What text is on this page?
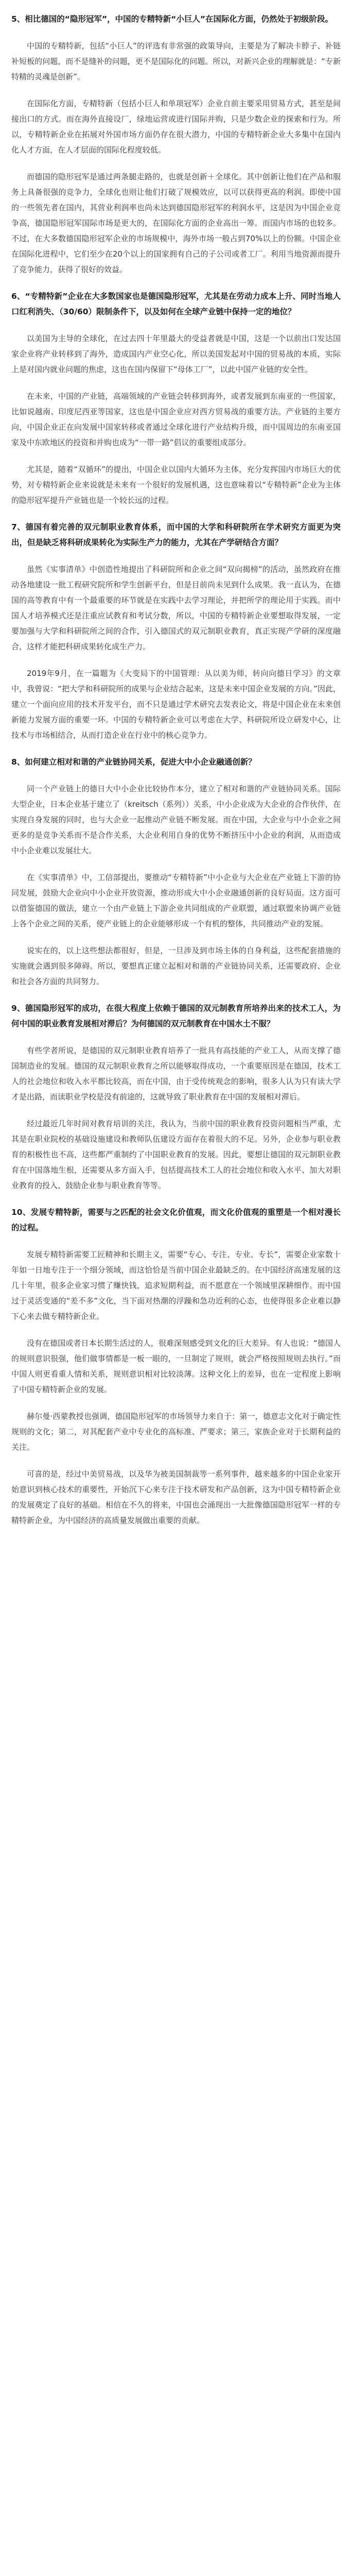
5、相比德国的“隐形冠军”，中国的专精特新“小巨人”在国际化方面，仍然处于初级阶段。

中国的专精特新，包括“小巨人”的评选有非常强的政策导向，主要是为了解决卡脖子、补链补短板的问题，而不是缝补的问题，更不是国际化的问题。所以，对新兴企业的理解就是：“专新特精的灵魂是创新”。

在国际化方面，专精特新（包括小巨人和单项冠军）企业自前主要采用贸易方式，甚至是间接出口的方式。而在海外直接设厂，绿地运营或进行国际并购，只是少数企业的探索和行为。所以，专精特新企业在拓展对外国市场方面仍存在很大潜力，中国的专精特新企业大多集中在国内化人才方面，在人才层面的国际化程度较低。

而德国的隐形冠军是通过两条腿走路的，也就是创新＋全球化。其中创新让他们在产品和服务上具备很强的竞争力，全球化也则让他们打破了规模效应，以可以获得更高的利润。即使中国的一些领先者在国内，其营业利润率也尚未达到德国隐形冠军的利润水平，这是因为中国企业竞争高，德国隐形冠军国际市场是更大的，在国际化方面的企业高出一筹。而国内市场的也较多。不过，在大多数德国隐形冠军企业的市场规模中，海外市场一般占到70%以上的份额。中国企业在国际化进程中，它们至少在20个以上的国家拥有自己的子公司或者工厂。利用当地资源而提升了竞争能力，获得了很好的效益。

6、“专精特新”企业在大多数国家也是德国隐形冠军，尤其是在劳动力成本上升、同时当地人口红利消失、（30/60）限制条件下，以及如何在全球产业链中保持一定的地位？

以美国为主导的全球化，在过去四十年里最大的受益者就是中国，这是一个以前出口发达国家企业将产业转移到了海外，造成国内产业空心化，所以美国发起对中国的贸易战的本质，实际上是对国内就业问题的焦虑，这也在国内保留下“母体工厂”，以此中国产业链的安全性。

在未来，中国的产业链，高端领域的产业链会转移到海外，或者发展到东南亚的一些国家，比如说越南、印度尼西亚等国家，这也是中国企业应对西方贸易战的重要方法。产业链的主要方向，中国企业正在向发展中国家转移或者通过全球化进行产业结构升级，而中国周边的东南亚国家及中东欧地区的投资和并购也成为“一带一路”倡议的重要组成部分。

尤其是，随着“双循环”的提出，中国企业以国内大循环为主体，充分发挥国内市场巨大的优势，对专精特新企业来说就是未来有一个很好的发展机遇，这也意味着以“专精特新”企业为主体的隐形冠军提升产业链也是一个较长远的过程。

7、德国有着完善的双元制职业教育体系，而中国的大学和科研院所在学术研究方面更为突出，但是缺乏将科研成果转化为实际生产力的能力，尤其在产学研结合方面？

虽然《实事清单》中创造性地提出了科研院所和企业之间“双向揭榜”的活动，虽然政府在推动各地建设一批工程研究院所和学生创新平台，但是目前尚未见到什么成果。我一直认为，在德国的高等教育中有一个最重要的环节就是在实践中去学习理论，并把所学的理论用于实践。而中国人才培养模式还是注重应试教育和考试分数，所以，中国的专精特新企业要想取得发展，一定要加强与大学和科研院所之间的合作，引入德国式的双元制职业教育，真正实现产学研的深度融合，这样才能把科研成果转化成生产力。

2019年9月，在一篇题为《大变局下的中国管理：从以美为师，转向向德日学习》的文章中，我曾说：“把大学和科研院所的成果与企业结合起来，这是未来中国企业发展的方向。”因此，建立一个面向应用的技术开发平台，而不只是通过学术研究去发表论文，将是中国企业在未来创新能力发展方面的重要一环。中国的专精特新企业可以考虑在大学、科研院所设立研发中心，让技术与市场相结合，从而打造企业在行业中的核心竞争力。

8、如何建立相对和谐的产业链协同关系，促进大中小企业融通创新？

同一个产业链上的德日大中小企业比较协作本分，建立了相对和谐的产业链协同关系。国际大型企业，日本企业基于建立了（kreitsch（系列））关系，中小企业成为大企业的合作伙伴，在实现自身发展的同时，也与大企业一起推动产业链不断发展。而在中国，大企业与中小企业之间更多的是竞争关系而不是合作关系，大企业利用自身的优势不断挤压中小企业的利润，从而造成中小企业难以发展壮大。

在《实事清单》中，工信部提出，要推动“专精特新”中小企业与大企业在产业链上下游的协同发展，鼓励大企业向中小企业开放资源，推动形成大中小企业融通创新的良好局面。这方面可以借鉴德国的做法，建立一个由产业链上下游企业共同组成的产业联盟，通过联盟来协调产业链上各个企业之间的关系，使产业链上的企业能够形成一个有机的整体，共同推动产业的发展。

说实在的，以上这些想法都很好，但是，一旦涉及到市场主体的自身利益，这些配套措施的实施就会遇到很多障碍。所以，要想真正建立起相对和谐的产业链协同关系，还需要政府、企业和社会各方面的共同努力。

9、德国隐形冠军的成功，在很大程度上依赖于德国的双元制教育所培养出来的技术工人，为何中国的职业教育发展相对滞后？为何德国的双元制教育在中国水土不服？

有些学者所说，是德国的双元制职业教育培养了一批具有高技能的产业工人，从而支撑了德国制造业的发展。德国的双元制职业教育之所以能够取得成功，一个重要原因是在德国，技术工人的社会地位和收入水平都比较高，而在中国，由于受传统观念的影响，很多人认为只有读大学才是出路，而读职业学校是没有前途的，这就导致了职业教育在中国的发展相对滞后。

经过最近几年时间对教育培训的关注，我认为，当前中国的职业教育投资问题相当严重，尤其是在职业院校的基础设施建设和教师队伍建设方面存在着很大的不足。另外，企业参与职业教育的积极性也不高，这些都严重制约了中国职业教育的发展。因此，要想让德国的双元制职业教育在中国落地生根，还需要从多方面入手，包括提高技术工人的社会地位和收入水平、加大对职业教育的投入、鼓励企业参与职业教育等等。

10、发展专精特新，需要与之匹配的社会文化价值观，而文化价值观的重塑是一个相对漫长的过程。

发展专精特新需要工匠精神和长期主义，需要“专心、专注、专业、专长”，需要企业家数十年如一日地专注于一个细分领域，而这恰恰是当前中国企业最缺乏的。在中国经济高速发展的这几十年里，很多企业家习惯了赚快钱，追求短期利益，而不愿意在一个领域里深耕细作。而中国过于灵活变通的“差不多”文化，当下面对热潮的浮躁和急功近利的心态，也使得很多企业难以静下心来去做专精特新企业。

没有在德国或者日本长期生活过的人，很难深刻感受到文化的巨大差异。有人也说：“德国人的规则意识很强，他们做事情都是一板一眼的，一旦制定了规则，就会严格按照规则去执行。”而中国人则更看重人情和关系，规则意识相对比较淡薄。这种文化上的差异，也在一定程度上影响了中国专精特新企业的发展。

赫尔曼·西蒙教授也强调，德国隐形冠军的市场领导力来自于：第一，德意志文化对于确定性规则的文化；第二，对其配套产业中专业化的高标准、严要求；第三，家族企业对于长期利益的关注。

可喜的是，经过中美贸易战，以及华为被美国制裁等一系列事件，越来越多的中国企业家开始意识到核心技术的重要性，开始沉下心来专注于技术研发和产品创新，这为中国专精特新企业的发展奠定了良好的基础。相信在不久的将来，中国也会涌现出一大批像德国隐形冠军一样的专精特新企业，为中国经济的高质量发展做出重要的贡献。
